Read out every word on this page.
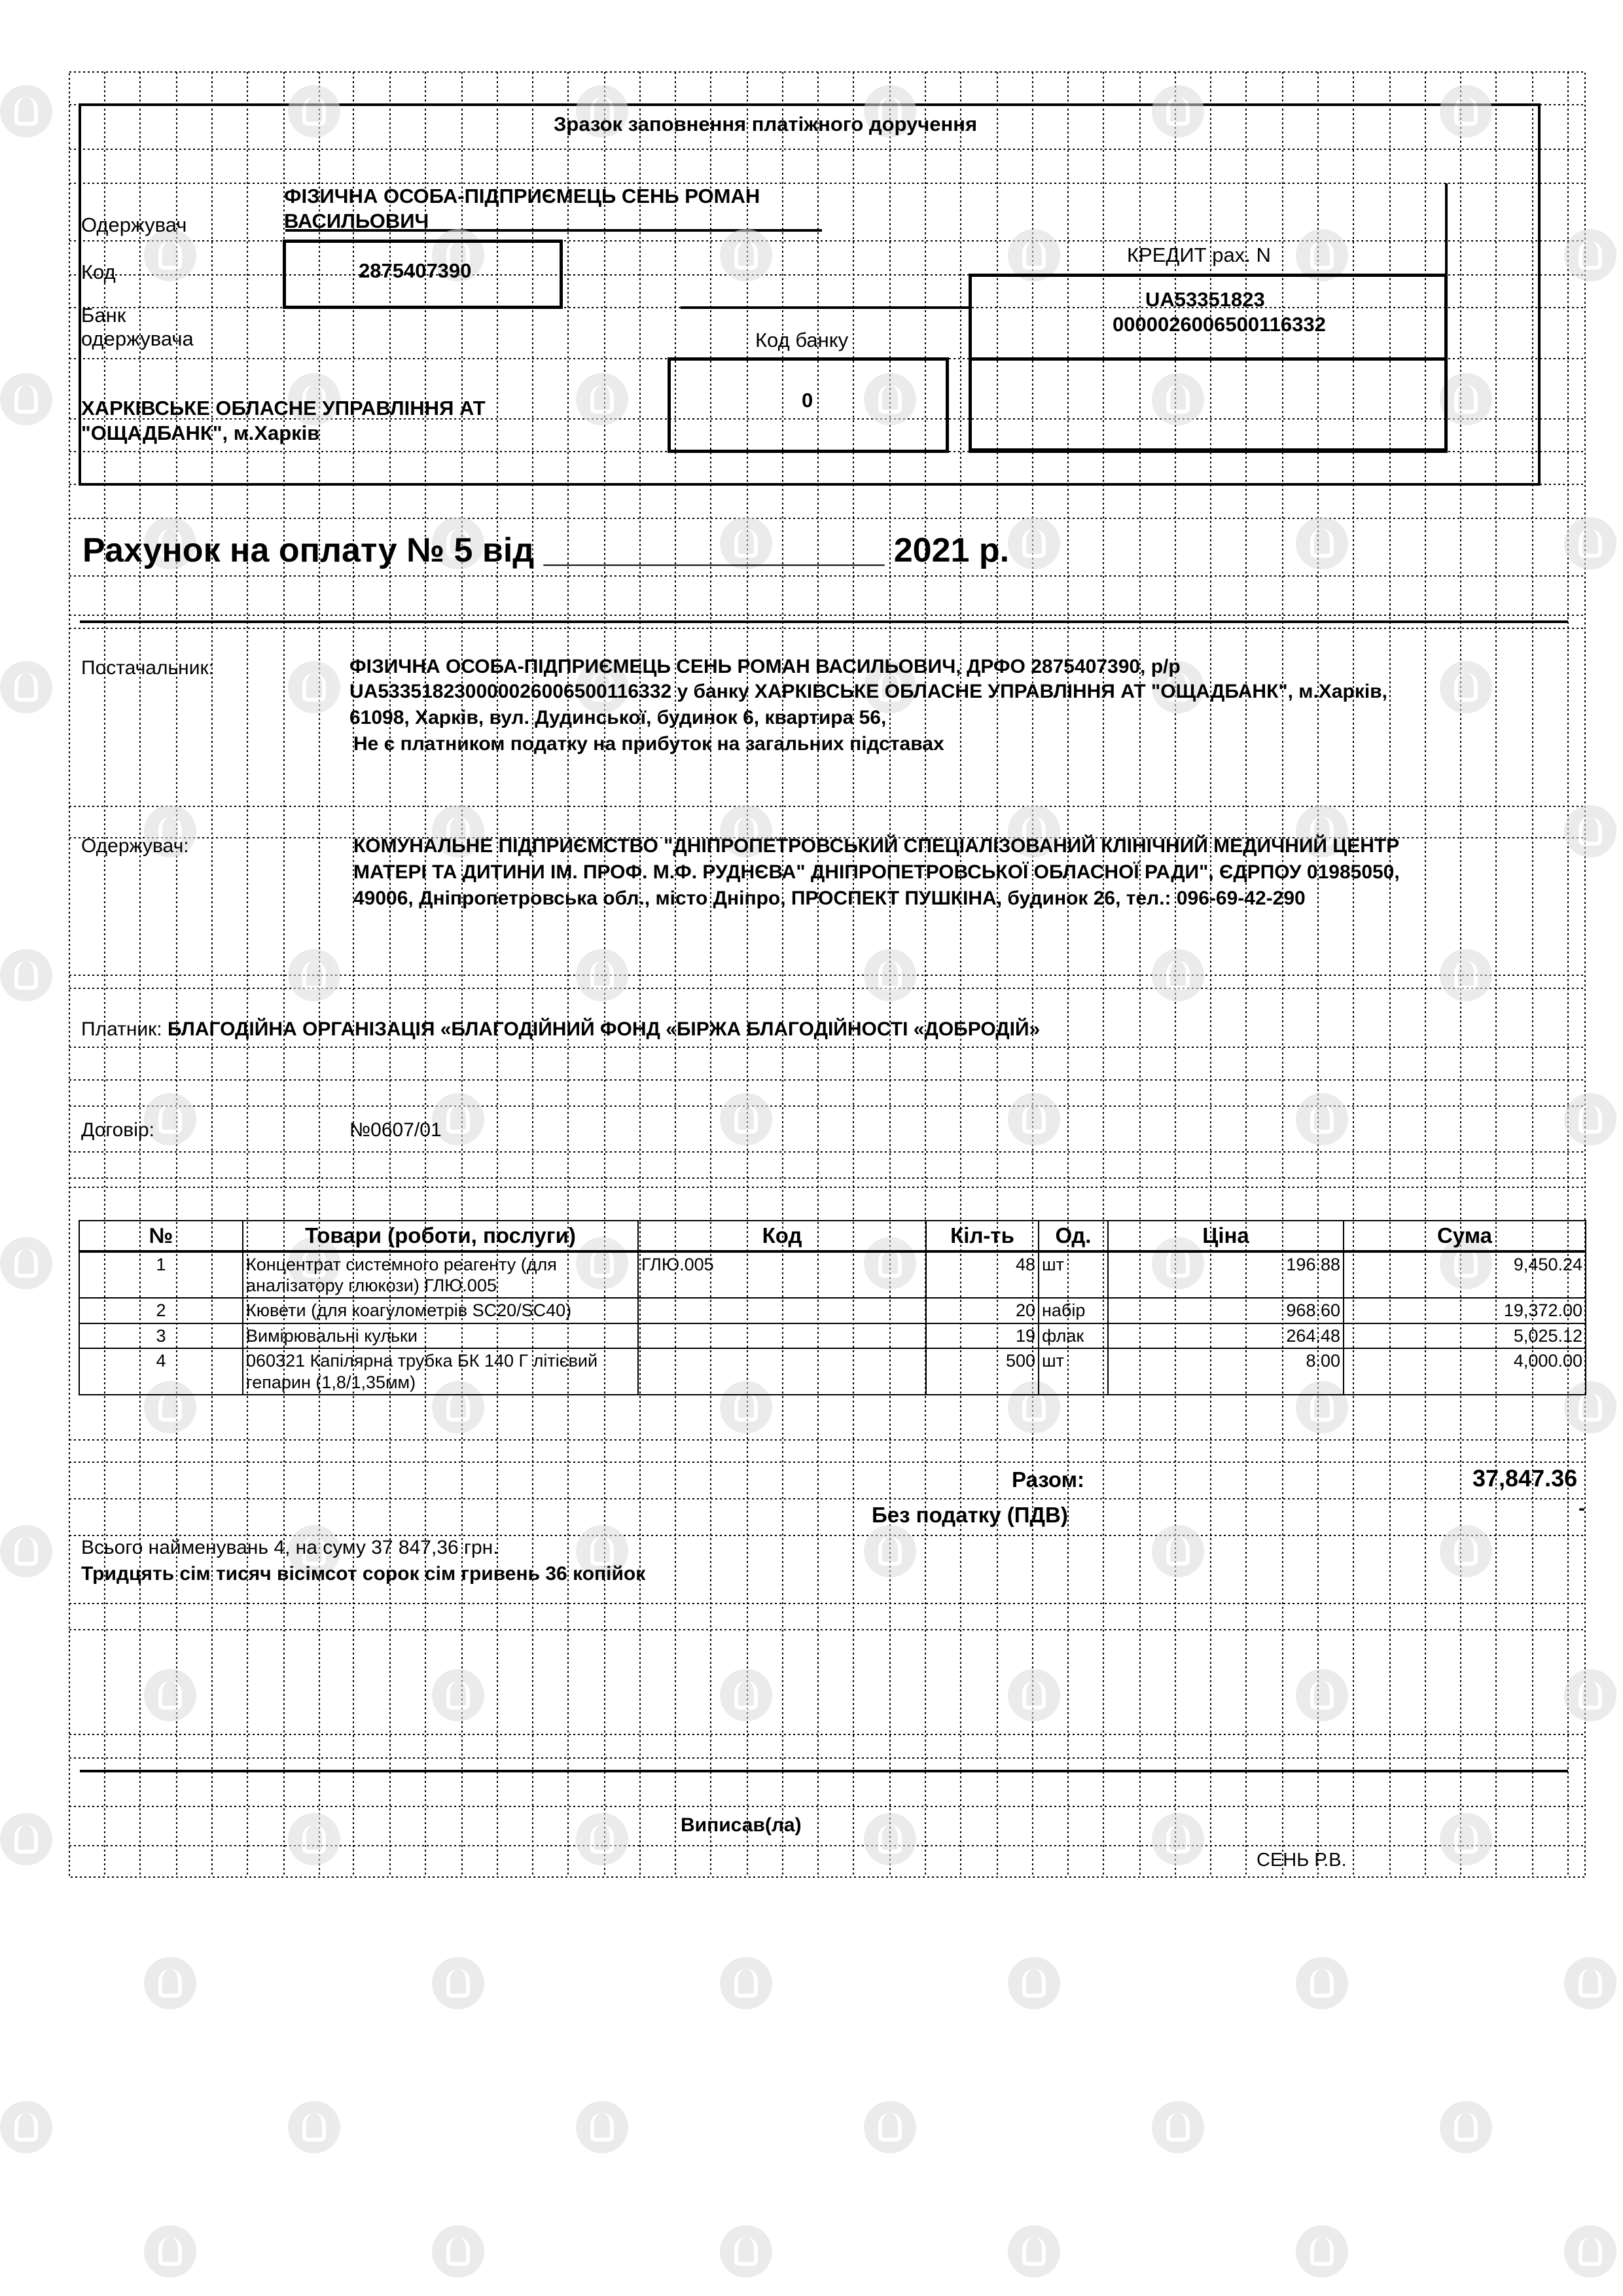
Зразок заповнення платіжного доручення
Одержувач
ФІЗИЧНА ОСОБА-ПІДПРИЄМЕЦЬ СЕНЬ РОМАН
ВАСИЛЬОВИЧ
Код	2875407390
КРЕДИТ рах. N
UA53351823
0000026006500116332
Банк
одержувача	Код банку
0
ХАРКІВСЬКЕ ОБЛАСНЕ УПРАВЛІННЯ АТ
"ОЩАДБАНК", м.Харків
Рахунок на оплату № 5 від __________________ 2021 р.
Постачальник:	ФІЗИЧНА ОСОБА-ПІДПРИЄМЕЦЬ СЕНЬ РОМАН ВАСИЛЬОВИЧ, ДРФО 2875407390, р/р
UA533518230000026006500116332 у банку ХАРКІВСЬКЕ ОБЛАСНЕ УПРАВЛІННЯ АТ "ОЩАДБАНК", м.Харків,
61098, Харків, вул. Дудинської, будинок 6, квартира 56,
Не є платником податку на прибуток на загальних підставах
Одержувач:	КОМУНАЛЬНЕ ПІДПРИЄМСТВО "ДНІПРОПЕТРОВСЬКИЙ СПЕЦІАЛІЗОВАНИЙ КЛІНІЧНИЙ МЕДИЧНИЙ ЦЕНТР
МАТЕРІ ТА ДИТИНИ ІМ. ПРОФ. М.Ф. РУДНЄВА" ДНІПРОПЕТРОВСЬКОЇ ОБЛАСНОЇ РАДИ", ЄДРПОУ 01985050,
49006, Дніпропетровська обл., місто Дніпро, ПРОСПЕКТ ПУШКІНА, будинок 26, тел.: 096-69-42-290
Платник: БЛАГОДІЙНА ОРГАНІЗАЦІЯ «БЛАГОДІЙНИЙ ФОНД «БІРЖА БЛАГОДІЙНОСТІ «ДОБРОДІЙ»
Договір:	№0607/01
№	Товари (роботи, послуги)	Код	Кіл-ть	Од.	Ціна	Сума
1	Концентрат системного реагенту (для аналізатору глюкози) ГЛЮ.005	ГЛЮ.005	48	шт	196.88	9,450.24
2	Кювети (для коагулометрів SC20/SC40)		20	набір	968.60	19,372.00
3	Вимірювальні кульки		19	флак	264.48	5,025.12
4	060321 Капілярна трубка БК 140 Г літієвий гепарин (1,8/1,35мм)		500	шт	8.00	4,000.00
Разом:	37,847.36
Без податку (ПДВ)	-
Всього найменувань 4, на суму 37 847,36 грн.
Тридцять сім тисяч вісімсот сорок сім гривень 36 копійок
Виписав(ла)
СЕНЬ Р.В.
